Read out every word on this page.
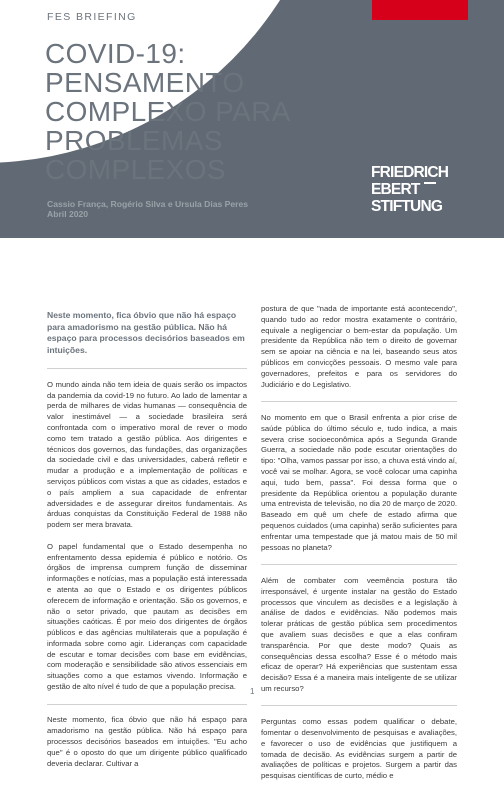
FES BRIEFING
COVID-19:
PENSAMENTO
COMPLEXO PARA
PROBLEMAS
COMPLEXOS
Cassio França, Rogério Silva e Ursula Dias Peres
Abril 2020
FRIEDRICH
EBERT
STIFTUNG

Neste momento, fica óbvio que não há espaço para amadorismo na gestão pública. Não há espaço para processos decisórios baseados em intuições.

O mundo ainda não tem ideia de quais serão os impactos da pandemia da covid-19 no futuro. Ao lado de lamentar a perda de milhares de vidas humanas — consequência de valor inestimável — a sociedade brasileira será confrontada com o imperativo moral de rever o modo como tem tratado a gestão pública. Aos dirigentes e técnicos dos governos, das fundações, das organizações da sociedade civil e das universidades, caberá refletir e mudar a produção e a implementação de políticas e serviços públicos com vistas a que as cidades, estados e o país ampliem a sua capacidade de enfrentar adversidades e de assegurar direitos fundamentais. As árduas conquistas da Constituição Federal de 1988 não podem ser mera bravata.

O papel fundamental que o Estado desempenha no enfrentamento dessa epidemia é público e notório. Os órgãos de imprensa cumprem função de disseminar informações e notícias, mas a população está interessada e atenta ao que o Estado e os dirigentes públicos oferecem de informação e orientação. São os governos, e não o setor privado, que pautam as decisões em situações caóticas. É por meio dos dirigentes de órgãos públicos e das agências multilaterais que a população é informada sobre como agir. Lideranças com capacidade de escutar e tomar decisões com base em evidências, com moderação e sensibilidade são ativos essenciais em situações como a que estamos vivendo. Informação e gestão de alto nível é tudo de que a população precisa.

Neste momento, fica óbvio que não há espaço para amadorismo na gestão pública. Não há espaço para processos decisórios baseados em intuições. "Eu acho que" é o oposto do que um dirigente público qualificado deveria declarar. Cultivar a

postura de que "nada de importante está acontecendo", quando tudo ao redor mostra exatamente o contrário, equivale a negligenciar o bem-estar da população. Um presidente da República não tem o direito de governar sem se apoiar na ciência e na lei, baseando seus atos públicos em convicções pessoais. O mesmo vale para governadores, prefeitos e para os servidores do Judiciário e do Legislativo.

No momento em que o Brasil enfrenta a pior crise de saúde pública do último século e, tudo indica, a mais severa crise socioeconômica após a Segunda Grande Guerra, a sociedade não pode escutar orientações do tipo: "Olha, vamos passar por isso, a chuva está vindo aí, você vai se molhar. Agora, se você colocar uma capinha aqui, tudo bem, passa". Foi dessa forma que o presidente da República orientou a população durante uma entrevista de televisão, no dia 20 de março de 2020. Baseado em quê um chefe de estado afirma que pequenos cuidados (uma capinha) serão suficientes para enfrentar uma tempestade que já matou mais de 50 mil pessoas no planeta?

Além de combater com veemência postura tão irresponsável, é urgente instalar na gestão do Estado processos que vinculem as decisões e a legislação à análise de dados e evidências. Não podemos mais tolerar práticas de gestão pública sem procedimentos que avaliem suas decisões e que a elas confiram transparência. Por que deste modo? Quais as consequências dessa escolha? Esse é o método mais eficaz de operar? Há experiências que sustentam essa decisão? Essa é a maneira mais inteligente de se utilizar um recurso?

Perguntas como essas podem qualificar o debate, fomentar o desenvolvimento de pesquisas e avaliações, e favorecer o uso de evidências que justifiquem a tomada de decisão. As evidências surgem a partir de avaliações de políticas e projetos. Surgem a partir das pesquisas científicas de curto, médio e

1
